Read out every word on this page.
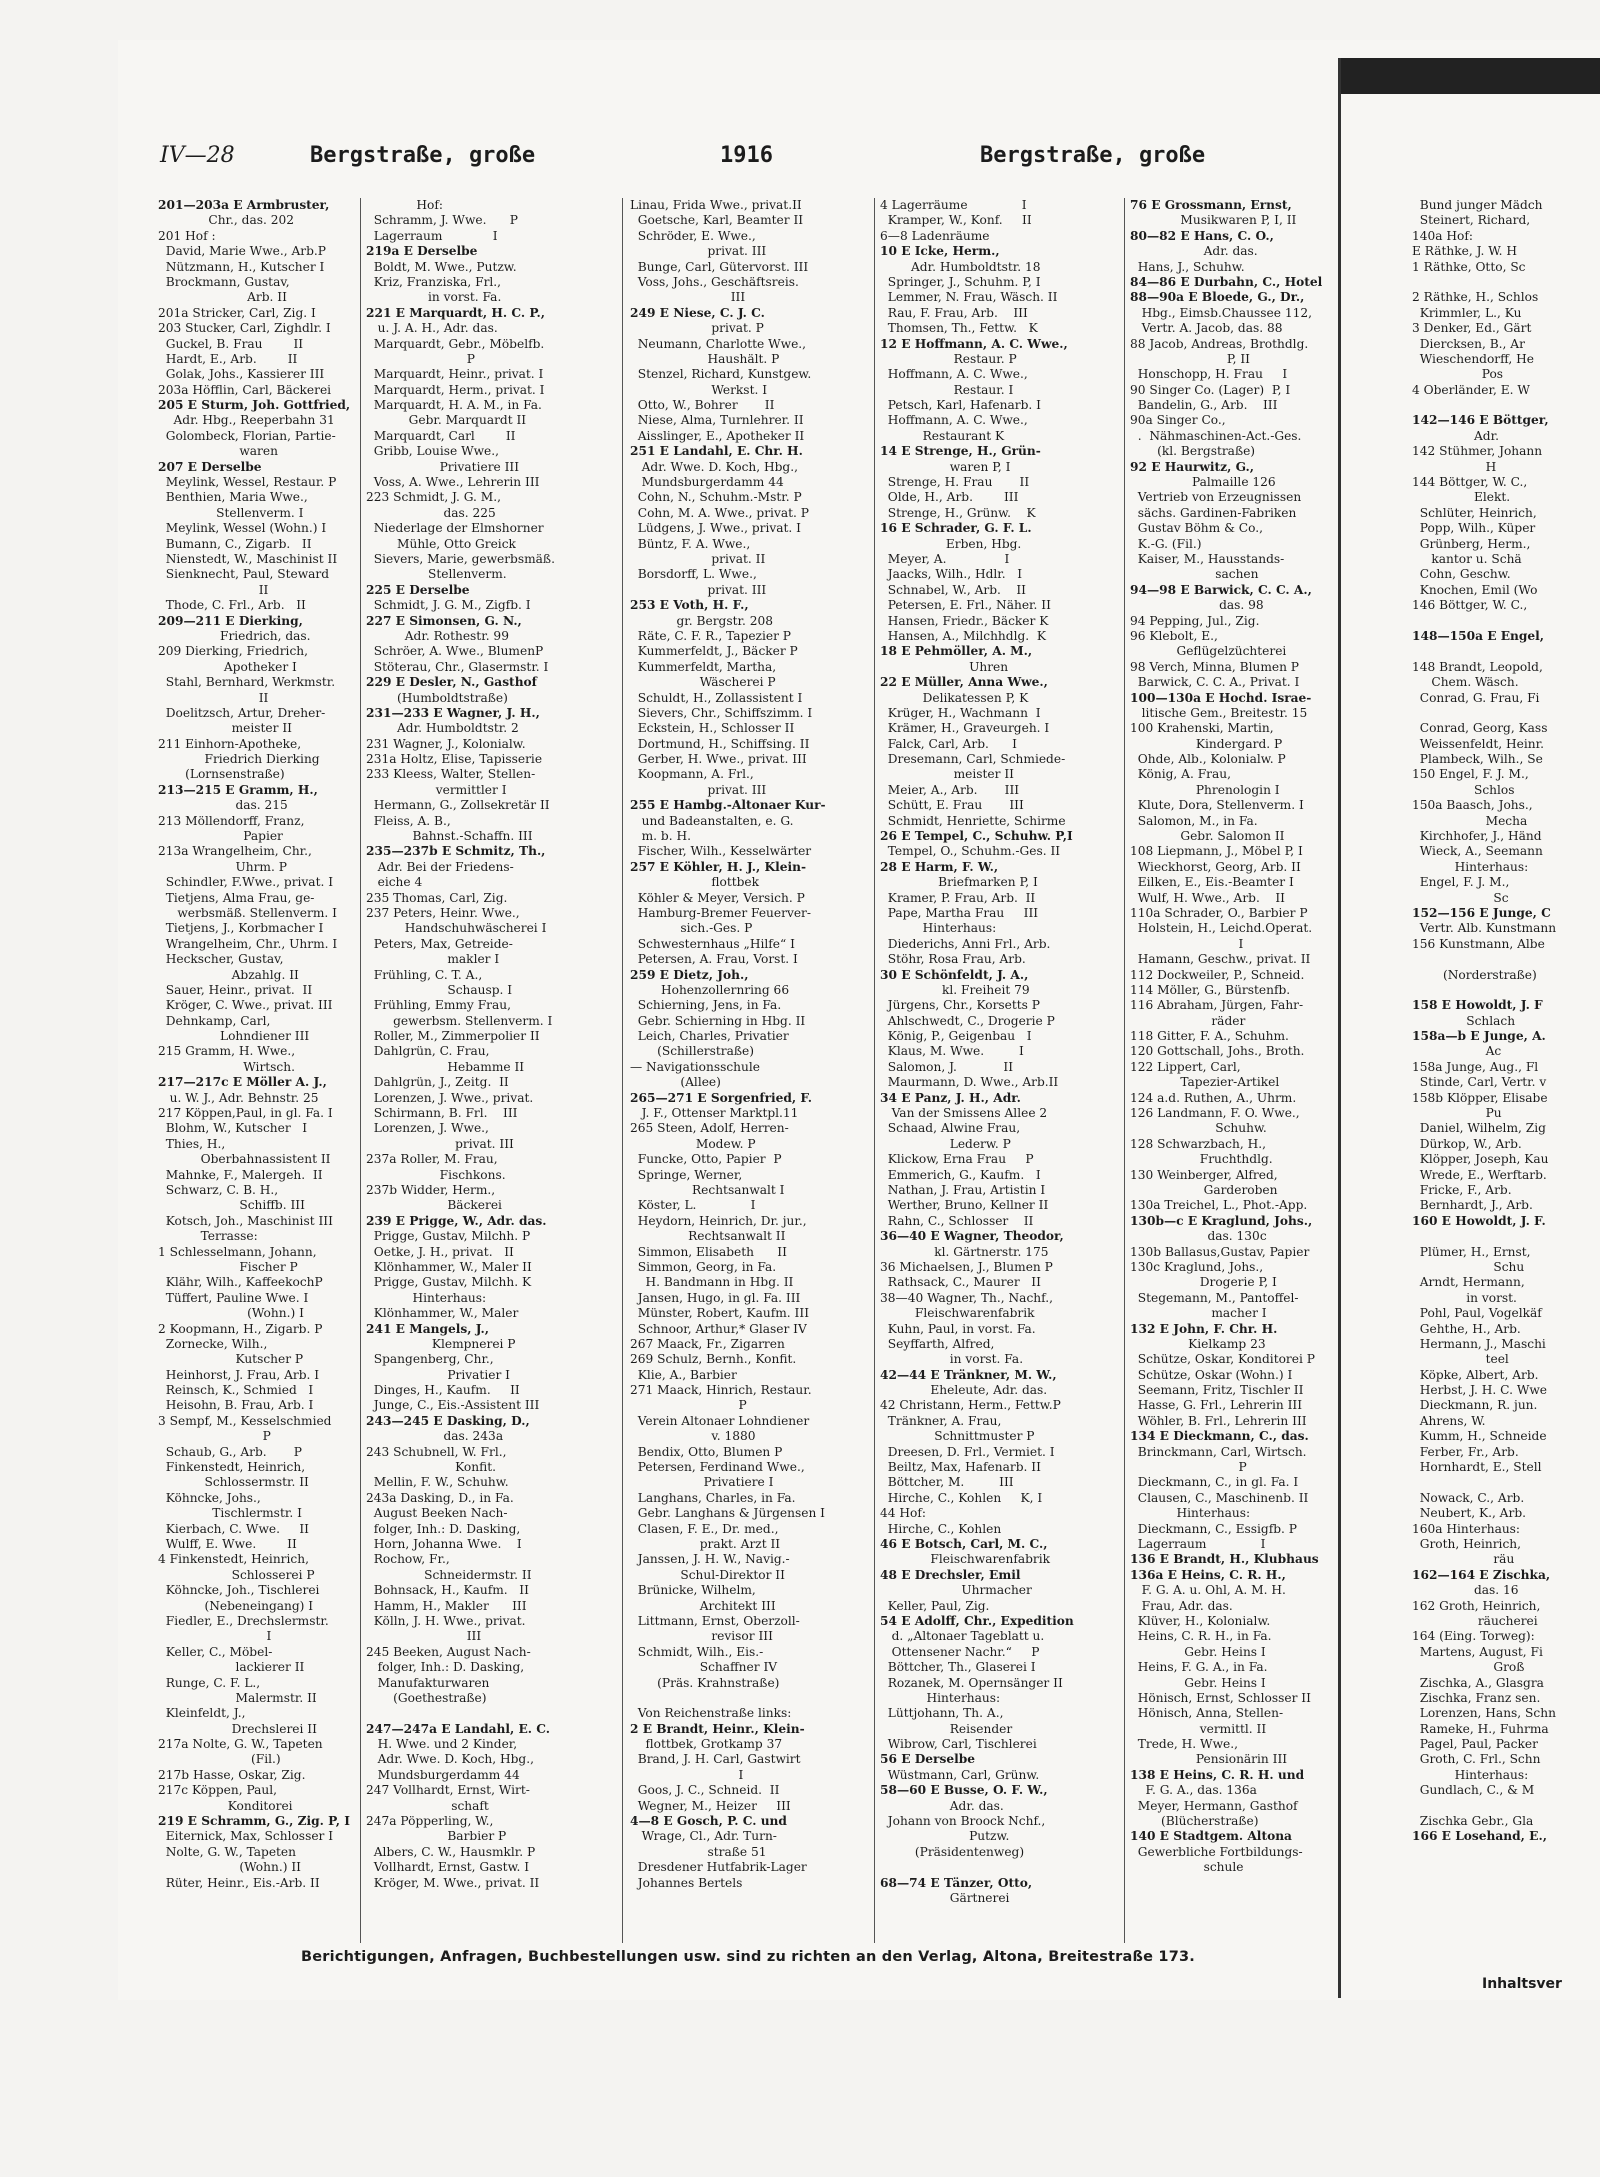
IV—28	Bergstraße, große	1916	Bergstraße, große
201—203a E Armbruster,
Chr., das. 202
201 Hof :
David, Marie Wwe., Arb.P
Nützmann, H., Kutscher I
Brockmann, Gustav,
Arb. II
201a Stricker, Carl, Zig. I
203 Stucker, Carl, Zighdlr. I
Guckel, B. Frau        II
Hardt, E., Arb.        II
Golak, Johs., Kassierer III
203a Höfflin, Carl, Bäckerei
205 E Sturm, Joh. Gottfried,
Adr. Hbg., Reeperbahn 31
Golombeck, Florian, Partie-
waren
207 E Derselbe
Meylink, Wessel, Restaur. P
Benthien, Maria Wwe.,
Stellenverm. I
Meylink, Wessel (Wohn.) I
Bumann, C., Zigarb.   II
Nienstedt, W., Maschinist II
Sienknecht, Paul, Steward
II
Thode, C. Frl., Arb.   II
209—211 E Dierking,
Friedrich, das.
209 Dierking, Friedrich,
Apotheker I
Stahl, Bernhard, Werkmstr.
II
Doelitzsch, Artur, Dreher-
meister II
211 Einhorn-Apotheke,
Friedrich Dierking
(Lornsenstraße)
213—215 E Gramm, H.,
das. 215
213 Möllendorff, Franz,
Papier
213a Wrangelheim, Chr.,
Uhrm. P
Schindler, F.Wwe., privat. I
Tietjens, Alma Frau, ge-
werbsmäß. Stellenverm. I
Tietjens, J., Korbmacher I
Wrangelheim, Chr., Uhrm. I
Heckscher, Gustav,
Abzahlg. II
Sauer, Heinr., privat.  II
Kröger, C. Wwe., privat. III
Dehnkamp, Carl,
Lohndiener III
215 Gramm, H. Wwe.,
Wirtsch.
217—217c E Möller A. J.,
u. W. J., Adr. Behnstr. 25
217 Köppen,Paul, in gl. Fa. I
Blohm, W., Kutscher   I
Thies, H.,
Oberbahnassistent II
Mahnke, F., Malergeh.  II
Schwarz, C. B. H.,
Schiffb. III
Kotsch, Joh., Maschinist III
Terrasse:
1 Schlesselmann, Johann,
Fischer P
Klähr, Wilh., KaffeekochP
Tüffert, Pauline Wwe. I
(Wohn.) I
2 Koopmann, H., Zigarb. P
Zornecke, Wilh.,
Kutscher P
Heinhorst, J. Frau, Arb. I
Reinsch, K., Schmied   I
Heisohn, B. Frau, Arb. I
3 Sempf, M., Kesselschmied
P
Schaub, G., Arb.       P
Finkenstedt, Heinrich,
Schlossermstr. II
Köhncke, Johs.,
Tischlermstr. I
Kierbach, C. Wwe.     II
Wulff, E. Wwe.        II
4 Finkenstedt, Heinrich,
Schlosserei P
Köhncke, Joh., Tischlerei
(Nebeneingang) I
Fiedler, E., Drechslermstr.
I
Keller, C., Möbel-
lackierer II
Runge, C. F. L.,
Malermstr. II
Kleinfeldt, J.,
Drechslerei II
217a Nolte, G. W., Tapeten
(Fil.)
217b Hasse, Oskar, Zig.
217c Köppen, Paul,
Konditorei
219 E Schramm, G., Zig. P, I
Eiternick, Max, Schlosser I
Nolte, G. W., Tapeten
(Wohn.) II
Rüter, Heinr., Eis.-Arb. II
Hof:
Schramm, J. Wwe.      P
Lagerraum             I
219a E Derselbe
Boldt, M. Wwe., Putzw.
Kriz, Franziska, Frl.,
in vorst. Fa.
221 E Marquardt, H. C. P.,
u. J. A. H., Adr. das.
Marquardt, Gebr., Möbelfb.
P
Marquardt, Heinr., privat. I
Marquardt, Herm., privat. I
Marquardt, H. A. M., in Fa.
Gebr. Marquardt II
Marquardt, Carl        II
Gribb, Louise Wwe.,
Privatiere III
Voss, A. Wwe., Lehrerin III
223 Schmidt, J. G. M.,
das. 225
Niederlage der Elmshorner
Mühle, Otto Greick
Sievers, Marie, gewerbsmäß.
Stellenverm.
225 E Derselbe
Schmidt, J. G. M., Zigfb. I
227 E Simonsen, G. N.,
Adr. Rothestr. 99
Schröer, A. Wwe., BlumenP
Stöterau, Chr., Glasermstr. I
229 E Desler, N., Gasthof
(Humboldtstraße)
231—233 E Wagner, J. H.,
Adr. Humboldtstr. 2
231 Wagner, J., Kolonialw.
231a Holtz, Elise, Tapisserie
233 Kleess, Walter, Stellen-
vermittler I
Hermann, G., Zollsekretär II
Fleiss, A. B.,
Bahnst.-Schaffn. III
235—237b E Schmitz, Th.,
Adr. Bei der Friedens-
eiche 4
235 Thomas, Carl, Zig.
237 Peters, Heinr. Wwe.,
Handschuhwäscherei I
Peters, Max, Getreide-
makler I
Frühling, C. T. A.,
Schausp. I
Frühling, Emmy Frau,
gewerbsm. Stellenverm. I
Roller, M., Zimmerpolier II
Dahlgrün, C. Frau,
Hebamme II
Dahlgrün, J., Zeitg.  II
Lorenzen, J. Wwe., privat.
Schirmann, B. Frl.    III
Lorenzen, J. Wwe.,
privat. III
237a Roller, M. Frau,
Fischkons.
237b Widder, Herm.,
Bäckerei
239 E Prigge, W., Adr. das.
Prigge, Gustav, Milchh. P
Oetke, J. H., privat.   II
Klönhammer, W., Maler II
Prigge, Gustav, Milchh. K
Hinterhaus:
Klönhammer, W., Maler
241 E Mangels, J.,
Klempnerei P
Spangenberg, Chr.,
Privatier I
Dinges, H., Kaufm.     II
Junge, C., Eis.-Assistent III
243—245 E Dasking, D.,
das. 243a
243 Schubnell, W. Frl.,
Konfit.
Mellin, F. W., Schuhw.
243a Dasking, D., in Fa.
August Beeken Nach-
folger, Inh.: D. Dasking,
Horn, Johanna Wwe.    I
Rochow, Fr.,
Schneidermstr. II
Bohnsack, H., Kaufm.   II
Hamm, H., Makler      III
Kölln, J. H. Wwe., privat.
III
245 Beeken, August Nach-
folger, Inh.: D. Dasking,
Manufakturwaren
(Goethestraße)
247—247a E Landahl, E. C.
H. Wwe. und 2 Kinder,
Adr. Wwe. D. Koch, Hbg.,
Mundsburgerdamm 44
247 Vollhardt, Ernst, Wirt-
schaft
247a Pöpperling, W.,
Barbier P
Albers, C. W., Hausmklr. P
Vollhardt, Ernst, Gastw. I
Kröger, M. Wwe., privat. II
Linau, Frida Wwe., privat.II
Goetsche, Karl, Beamter II
Schröder, E. Wwe.,
privat. III
Bunge, Carl, Gütervorst. III
Voss, Johs., Geschäftsreis.
III
249 E Niese, C. J. C.
privat. P
Neumann, Charlotte Wwe.,
Haushält. P
Stenzel, Richard, Kunstgew.
Werkst. I
Otto, W., Bohrer       II
Niese, Alma, Turnlehrer. II
Aisslinger, E., Apotheker II
251 E Landahl, E. Chr. H.
Adr. Wwe. D. Koch, Hbg.,
Mundsburgerdamm 44
Cohn, N., Schuhm.-Mstr. P
Cohn, M. A. Wwe., privat. P
Lüdgens, J. Wwe., privat. I
Büntz, F. A. Wwe.,
privat. II
Borsdorff, L. Wwe.,
privat. III
253 E Voth, H. F.,
gr. Bergstr. 208
Räte, C. F. R., Tapezier P
Kummerfeldt, J., Bäcker P
Kummerfeldt, Martha,
Wäscherei P
Schuldt, H., Zollassistent I
Sievers, Chr., Schiffszimm. I
Eckstein, H., Schlosser II
Dortmund, H., Schiffsing. II
Gerber, H. Wwe., privat. III
Koopmann, A. Frl.,
privat. III
255 E Hambg.-Altonaer Kur-
und Badeanstalten, e. G.
m. b. H.
Fischer, Wilh., Kesselwärter
257 E Köhler, H. J., Klein-
flottbek
Köhler & Meyer, Versich. P
Hamburg-Bremer Feuerver-
sich.-Ges. P
Schwesternhaus „Hilfe“ I
Petersen, A. Frau, Vorst. I
259 E Dietz, Joh.,
Hohenzollernring 66
Schierning, Jens, in Fa.
Gebr. Schierning in Hbg. II
Leich, Charles, Privatier
(Schillerstraße)
— Navigationsschule
(Allee)
265—271 E Sorgenfried, F.
J. F., Ottenser Marktpl.11
265 Steen, Adolf, Herren-
Modew. P
Funcke, Otto, Papier  P
Springe, Werner,
Rechtsanwalt I
Köster, L.              I
Heydorn, Heinrich, Dr. jur.,
Rechtsanwalt II
Simmon, Elisabeth      II
Simmon, Georg, in Fa.
H. Bandmann in Hbg. II
Jansen, Hugo, in gl. Fa. III
Münster, Robert, Kaufm. III
Schnoor, Arthur,* Glaser IV
267 Maack, Fr., Zigarren
269 Schulz, Bernh., Konfit.
Klie, A., Barbier
271 Maack, Hinrich, Restaur.
P
Verein Altonaer Lohndiener
v. 1880
Bendix, Otto, Blumen P
Petersen, Ferdinand Wwe.,
Privatiere I
Langhans, Charles, in Fa.
Gebr. Langhans & Jürgensen I
Clasen, F. E., Dr. med.,
prakt. Arzt II
Janssen, J. H. W., Navig.-
Schul-Direktor II
Brünicke, Wilhelm,
Architekt III
Littmann, Ernst, Oberzoll-
revisor III
Schmidt, Wilh., Eis.-
Schaffner IV
(Präs. Krahnstraße)
Von Reichenstraße links:
2 E Brandt, Heinr., Klein-
flottbek, Grotkamp 37
Brand, J. H. Carl, Gastwirt
I
Goos, J. C., Schneid.  II
Wegner, M., Heizer     III
4—8 E Gosch, P. C. und
Wrage, Cl., Adr. Turn-
straße 51
Dresdener Hutfabrik-Lager
Johannes Bertels
4 Lagerräume              I
Kramper, W., Konf.     II
6—8 Ladenräume
10 E Icke, Herm.,
Adr. Humboldtstr. 18
Springer, J., Schuhm. P, I
Lemmer, N. Frau, Wäsch. II
Rau, F. Frau, Arb.    III
Thomsen, Th., Fettw.   K
12 E Hoffmann, A. C. Wwe.,
Restaur. P
Hoffmann, A. C. Wwe.,
Restaur. I
Petsch, Karl, Hafenarb. I
Hoffmann, A. C. Wwe.,
Restaurant K
14 E Strenge, H., Grün-
waren P, I
Strenge, H. Frau       II
Olde, H., Arb.        III
Strenge, H., Grünw.    K
16 E Schrader, G. F. L.
Erben, Hbg.
Meyer, A.               I
Jaacks, Wilh., Hdlr.   I
Schnabel, W., Arb.    II
Petersen, E. Frl., Näher. II
Hansen, Friedr., Bäcker K
Hansen, A., Milchhdlg.  K
18 E Pehmöller, A. M.,
Uhren
22 E Müller, Anna Wwe.,
Delikatessen P, K
Krüger, H., Wachmann  I
Krämer, H., Graveurgeh. I
Falck, Carl, Arb.      I
Dresemann, Carl, Schmiede-
meister II
Meier, A., Arb.       III
Schütt, E. Frau       III
Schmidt, Henriette, Schirme
26 E Tempel, C., Schuhw. P,I
Tempel, O., Schuhm.-Ges. II
28 E Harm, F. W.,
Briefmarken P, I
Kramer, P. Frau, Arb.  II
Pape, Martha Frau     III
Hinterhaus:
Diederichs, Anni Frl., Arb.
Stöhr, Rosa Frau, Arb.
30 E Schönfeldt, J. A.,
kl. Freiheit 79
Jürgens, Chr., Korsetts P
Ahlschwedt, C., Drogerie P
König, P., Geigenbau   I
Klaus, M. Wwe.         I
Salomon, J.            II
Maurmann, D. Wwe., Arb.II
34 E Panz, J. H., Adr.
Van der Smissens Allee 2
Schaad, Alwine Frau,
Lederw. P
Klickow, Erna Frau     P
Emmerich, G., Kaufm.   I
Nathan, J. Frau, Artistin I
Werther, Bruno, Kellner II
Rahn, C., Schlosser    II
36—40 E Wagner, Theodor,
kl. Gärtnerstr. 175
36 Michaelsen, J., Blumen P
Rathsack, C., Maurer   II
38—40 Wagner, Th., Nachf.,
Fleischwarenfabrik
Kuhn, Paul, in vorst. Fa.
Seyffarth, Alfred,
in vorst. Fa.
42—44 E Tränkner, M. W.,
Eheleute, Adr. das.
42 Christann, Herm., Fettw.P
Tränkner, A. Frau,
Schnittmuster P
Dreesen, D. Frl., Vermiet. I
Beiltz, Max, Hafenarb. II
Böttcher, M.         III
Hirche, C., Kohlen     K, I
44 Hof:
Hirche, C., Kohlen
46 E Botsch, Carl, M. C.,
Fleischwarenfabrik
48 E Drechsler, Emil
Uhrmacher
Keller, Paul, Zig.
54 E Adolff, Chr., Expedition
d. „Altonaer Tageblatt u.
Ottensener Nachr.“     P
Böttcher, Th., Glaserei I
Rozanek, M. Opernsänger II
Hinterhaus:
Lüttjohann, Th. A.,
Reisender
Wibrow, Carl, Tischlerei
56 E Derselbe
Wüstmann, Carl, Grünw.
58—60 E Busse, O. F. W.,
Adr. das.
Johann von Broock Nchf.,
Putzw.
(Präsidentenweg)
68—74 E Tänzer, Otto,
Gärtnerei
76 E Grossmann, Ernst,
Musikwaren P, I, II
80—82 E Hans, C. O.,
Adr. das.
Hans, J., Schuhw.
84—86 E Durbahn, C., Hotel
88—90a E Bloede, G., Dr.,
Hbg., Eimsb.Chaussee 112,
Vertr. A. Jacob, das. 88
88 Jacob, Andreas, Brothdlg.
P, II
Honschopp, H. Frau     I
90 Singer Co. (Lager)  P, I
Bandelin, G., Arb.    III
90a Singer Co.,
.  Nähmaschinen-Act.-Ges.
(kl. Bergstraße)
92 E Haurwitz, G.,
Palmaille 126
Vertrieb von Erzeugnissen
sächs. Gardinen-Fabriken
Gustav Böhm & Co.,
K.-G. (Fil.)
Kaiser, M., Hausstands-
sachen
94—98 E Barwick, C. C. A.,
das. 98
94 Pepping, Jul., Zig.
96 Klebolt, E.,
Geflügelzüchterei
98 Verch, Minna, Blumen P
Barwick, C. C. A., Privat. I
100—130a E Hochd. Israe-
litische Gem., Breitestr. 15
100 Krahenski, Martin,
Kindergard. P
Ohde, Alb., Kolonialw. P
König, A. Frau,
Phrenologin I
Klute, Dora, Stellenverm. I
Salomon, M., in Fa.
Gebr. Salomon II
108 Liepmann, J., Möbel P, I
Wieckhorst, Georg, Arb. II
Eilken, E., Eis.-Beamter I
Wulf, H. Wwe., Arb.    II
110a Schrader, O., Barbier P
Holstein, H., Leichd.Operat.
I
Hamann, Geschw., privat. II
112 Dockweiler, P., Schneid.
114 Möller, G., Bürstenfb.
116 Abraham, Jürgen, Fahr-
räder
118 Gitter, F. A., Schuhm.
120 Gottschall, Johs., Broth.
122 Lippert, Carl,
Tapezier-Artikel
124 a.d. Ruthen, A., Uhrm.
126 Landmann, F. O. Wwe.,
Schuhw.
128 Schwarzbach, H.,
Fruchthdlg.
130 Weinberger, Alfred,
Garderoben
130a Treichel, L., Phot.-App.
130b—c E Kraglund, Johs.,
das. 130c
130b Ballasus,Gustav, Papier
130c Kraglund, Johs.,
Drogerie P, I
Stegemann, M., Pantoffel-
macher I
132 E John, F. Chr. H.
Kielkamp 23
Schütze, Oskar, Konditorei P
Schütze, Oskar (Wohn.) I
Seemann, Fritz, Tischler II
Hasse, G. Frl., Lehrerin III
Wöhler, B. Frl., Lehrerin III
134 E Dieckmann, C., das.
Brinckmann, Carl, Wirtsch.
P
Dieckmann, C., in gl. Fa. I
Clausen, C., Maschinenb. II
Hinterhaus:
Dieckmann, C., Essigfb. P
Lagerraum              I
136 E Brandt, H., Klubhaus
136a E Heins, C. R. H.,
F. G. A. u. Ohl, A. M. H.
Frau, Adr. das.
Klüver, H., Kolonialw.
Heins, C. R. H., in Fa.
Gebr. Heins I
Heins, F. G. A., in Fa.
Gebr. Heins I
Hönisch, Ernst, Schlosser II
Hönisch, Anna, Stellen-
vermittl. II
Trede, H. Wwe.,
Pensionärin III
138 E Heins, C. R. H. und
F. G. A., das. 136a
Meyer, Hermann, Gasthof
(Blücherstraße)
140 E Stadtgem. Altona
Gewerbliche Fortbildungs-
schule
Bund junger Mädch
Steinert, Richard,
140a Hof:
E Räthke, J. W. H
1 Räthke, Otto, Sc
2 Räthke, H., Schlos
Krimmler, L., Ku
3 Denker, Ed., Gärt
Diercksen, B., Ar
Wieschendorff, He
Pos
4 Oberländer, E. W
142—146 E Böttger,
Adr.
142 Stühmer, Johann
H
144 Böttger, W. C.,
Elekt.
Schlüter, Heinrich,
Popp, Wilh., Küper
Grünberg, Herm.,
kantor u. Schä
Cohn, Geschw.
Knochen, Emil (Wo
146 Böttger, W. C.,
148—150a E Engel,
148 Brandt, Leopold,
Chem. Wäsch.
Conrad, G. Frau, Fi
Conrad, Georg, Kass
Weissenfeldt, Heinr.
Plambeck, Wilh., Se
150 Engel, F. J. M.,
Schlos
150a Baasch, Johs.,
Mecha
Kirchhofer, J., Händ
Wieck, A., Seemann
Hinterhaus:
Engel, F. J. M.,
Sc
152—156 E Junge, C
Vertr. Alb. Kunstmann
156 Kunstmann, Albe
(Norderstraße)
158 E Howoldt, J. F
Schlach
158a—b E Junge, A.
Ac
158a Junge, Aug., Fl
Stinde, Carl, Vertr. v
158b Klöpper, Elisabe
Pu
Daniel, Wilhelm, Zig
Dürkop, W., Arb.
Klöpper, Joseph, Kau
Wrede, E., Werftarb.
Fricke, F., Arb.
Bernhardt, J., Arb.
160 E Howoldt, J. F.
Plümer, H., Ernst,
Schu
Arndt, Hermann,
in vorst.
Pohl, Paul, Vogelkäf
Gehthe, H., Arb.
Hermann, J., Maschi
teel
Köpke, Albert, Arb.
Herbst, J. H. C. Wwe
Dieckmann, R. jun.
Ahrens, W.
Kumm, H., Schneide
Ferber, Fr., Arb.
Hornhardt, E., Stell
Nowack, C., Arb.
Neubert, K., Arb.
160a Hinterhaus:
Groth, Heinrich,
räu
162—164 E Zischka,
das. 16
162 Groth, Heinrich,
räucherei
164 (Eing. Torweg):
Martens, August, Fi
Groß
Zischka, A., Glasgra
Zischka, Franz sen.
Lorenzen, Hans, Schn
Rameke, H., Fuhrma
Pagel, Paul, Packer
Groth, C. Frl., Schn
Hinterhaus:
Gundlach, C., & M
Zischka Gebr., Gla
166 E Losehand, E.,
Berichtigungen, Anfragen, Buchbestellungen usw. sind zu richten an den Verlag, Altona, Breitestraße 173.
Inhaltsver
